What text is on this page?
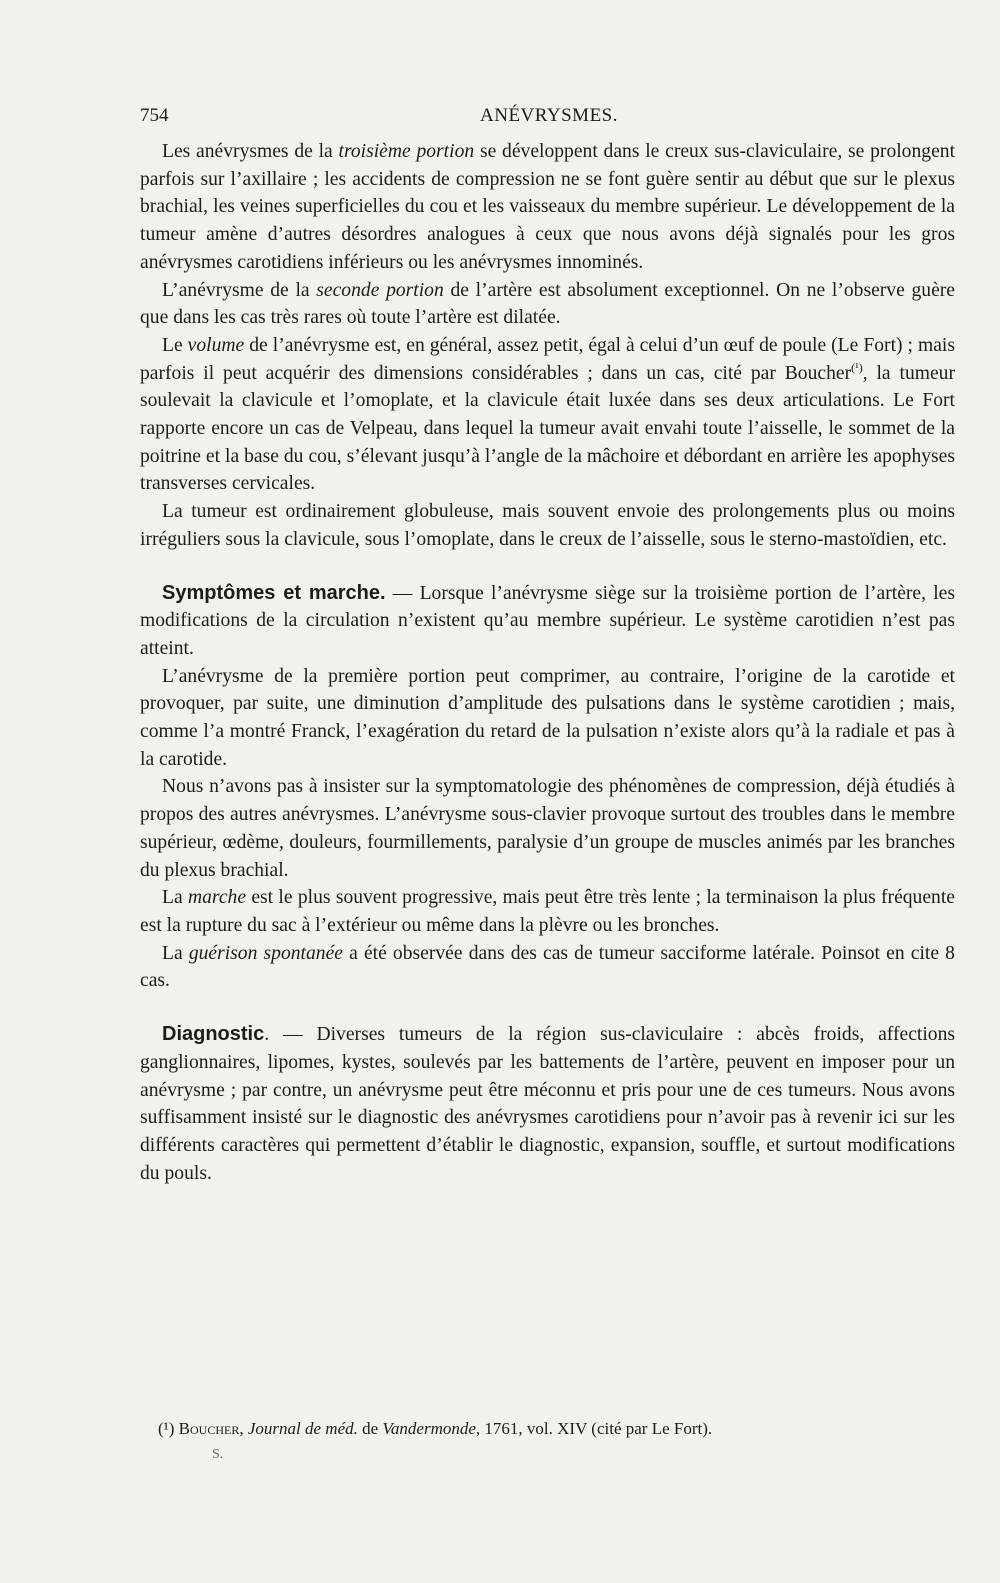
754	ANÉVRYSMES.

Les anévrysmes de la troisième portion se développent dans le creux sus-claviculaire, se prolongent parfois sur l’axillaire ; les accidents de compression ne se font guère sentir au début que sur le plexus brachial, les veines superficielles du cou et les vaisseaux du membre supérieur. Le développement de la tumeur amène d’autres désordres analogues à ceux que nous avons déjà signalés pour les gros anévrysmes carotidiens inférieurs ou les anévrysmes innominés.

L’anévrysme de la seconde portion de l’artère est absolument exceptionnel. On ne l’observe guère que dans les cas très rares où toute l’artère est dilatée.

Le volume de l’anévrysme est, en général, assez petit, égal à celui d’un œuf de poule (Le Fort) ; mais parfois il peut acquérir des dimensions considérables ; dans un cas, cité par Boucher$^{(^1)}$, la tumeur soulevait la clavicule et l’omoplate, et la clavicule était luxée dans ses deux articulations. Le Fort rapporte encore un cas de Velpeau, dans lequel la tumeur avait envahi toute l’aisselle, le sommet de la poitrine et la base du cou, s’élevant jusqu’à l’angle de la mâchoire et débordant en arrière les apophyses transverses cervicales.

La tumeur est ordinairement globuleuse, mais souvent envoie des prolongements plus ou moins irréguliers sous la clavicule, sous l’omoplate, dans le creux de l’aisselle, sous le sterno-mastoïdien, etc.

Symptômes et marche. — Lorsque l’anévrysme siège sur la troisième portion de l’artère, les modifications de la circulation n’existent qu’au membre supérieur. Le système carotidien n’est pas atteint.

L’anévrysme de la première portion peut comprimer, au contraire, l’origine de la carotide et provoquer, par suite, une diminution d’amplitude des pulsations dans le système carotidien ; mais, comme l’a montré Franck, l’exagération du retard de la pulsation n’existe alors qu’à la radiale et pas à la carotide.

Nous n’avons pas à insister sur la symptomatologie des phénomènes de compression, déjà étudiés à propos des autres anévrysmes. L’anévrysme sous-clavier provoque surtout des troubles dans le membre supérieur, œdème, douleurs, fourmillements, paralysie d’un groupe de muscles animés par les branches du plexus brachial.

La marche est le plus souvent progressive, mais peut être très lente ; la terminaison la plus fréquente est la rupture du sac à l’extérieur ou même dans la plèvre ou les bronches.

La guérison spontanée a été observée dans des cas de tumeur sacciforme latérale. Poinsot en cite 8 cas.

Diagnostic. — Diverses tumeurs de la région sus-claviculaire : abcès froids, affections ganglionnaires, lipomes, kystes, soulevés par les battements de l’artère, peuvent en imposer pour un anévrysme ; par contre, un anévrysme peut être méconnu et pris pour une de ces tumeurs. Nous avons suffisamment insisté sur le diagnostic des anévrysmes carotidiens pour n’avoir pas à revenir ici sur les différents caractères qui permettent d’établir le diagnostic, expansion, souffle, et surtout modifications du pouls.

(¹) Boucher, Journal de méd. de Vandermonde, 1761, vol. XIV (cité par Le Fort).
S.
